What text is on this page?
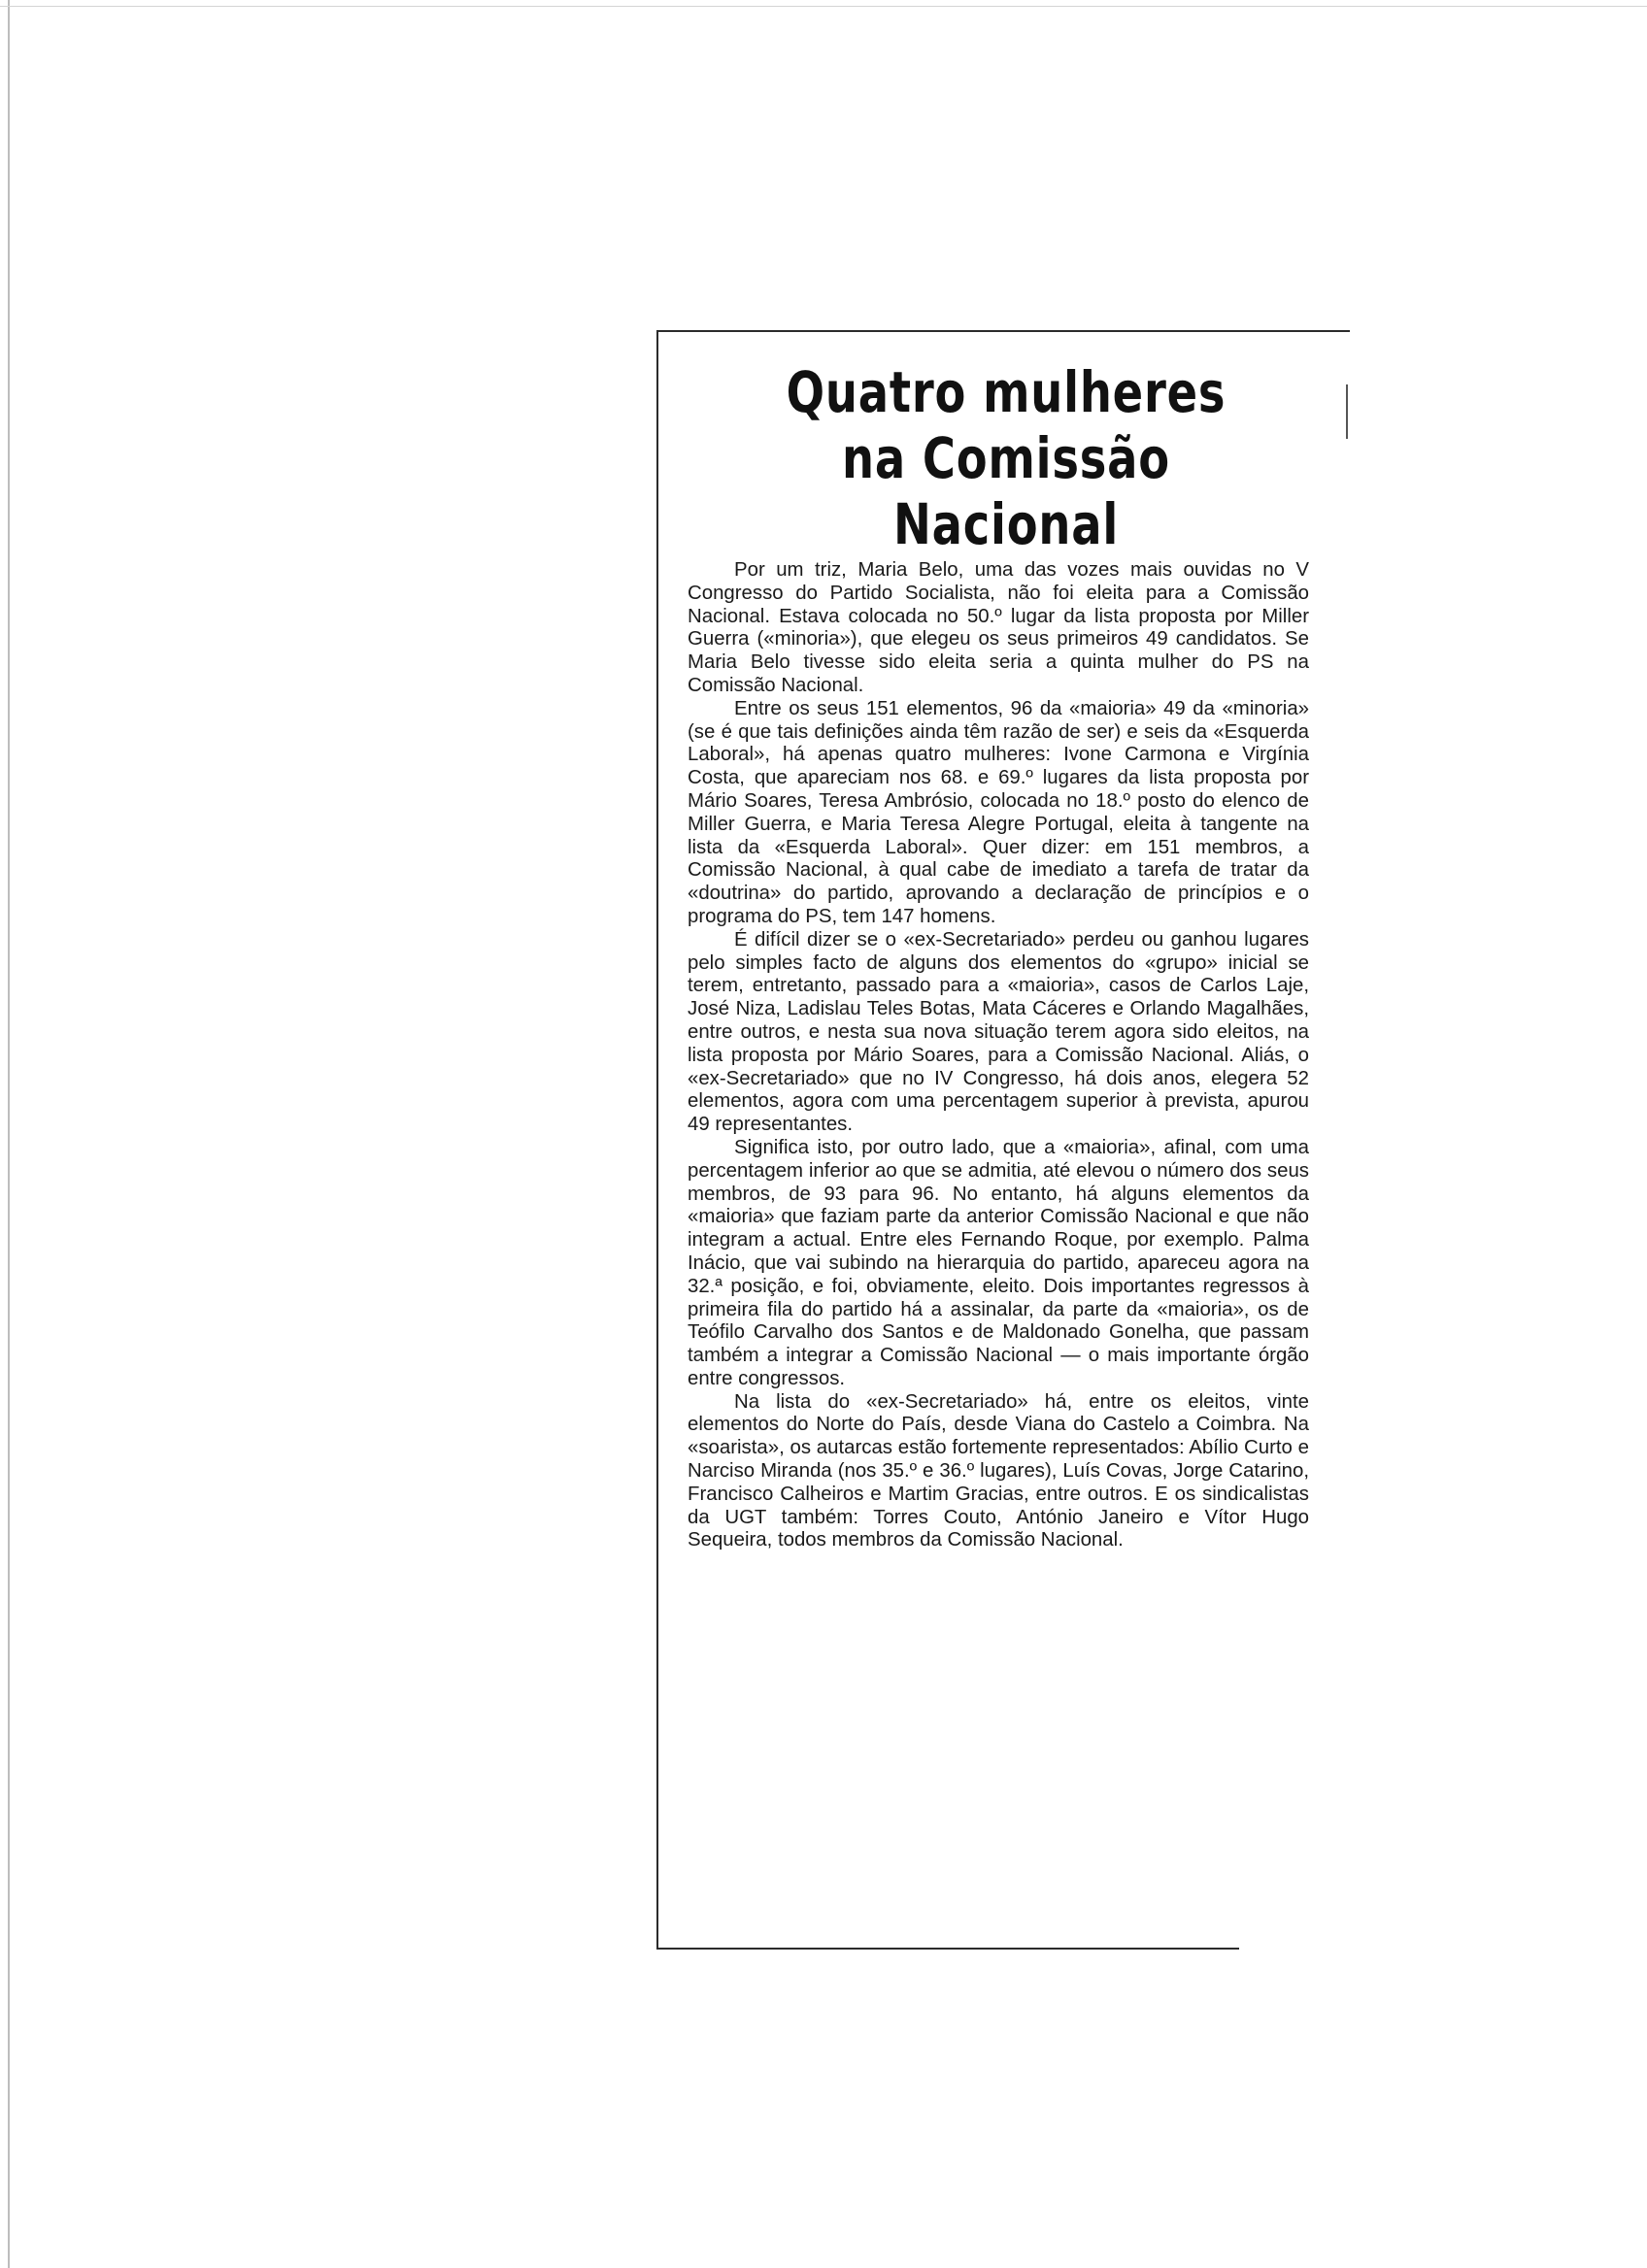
Quatro mulheres
na Comissão Nacional

Por um triz, Maria Belo, uma das vozes mais ouvidas no V Congresso do Partido Socialista, não foi eleita para a Comissão Nacional. Estava colocada no 50.º lugar da lista proposta por Miller Guerra («minoria»), que elegeu os seus primeiros 49 candidatos. Se Maria Belo tivesse sido eleita seria a quinta mulher do PS na Comissão Nacional.

Entre os seus 151 elementos, 96 da «maioria» 49 da «minoria» (se é que tais definições ainda têm razão de ser) e seis da «Esquerda Laboral», há apenas quatro mulheres: Ivone Carmona e Virgínia Costa, que apareciam nos 68. e 69.º lugares da lista proposta por Mário Soares, Teresa Ambrósio, colocada no 18.º posto do elenco de Miller Guerra, e Maria Teresa Alegre Portugal, eleita à tangente na lista da «Esquerda Laboral». Quer dizer: em 151 membros, a Comissão Nacional, à qual cabe de imediato a tarefa de tratar da «doutrina» do partido, aprovando a declaração de princípios e o programa do PS, tem 147 homens.

É difícil dizer se o «ex-Secretariado» perdeu ou ganhou lugares pelo simples facto de alguns dos elementos do «grupo» inicial se terem, entretanto, passado para a «maioria», casos de Carlos Laje, José Niza, Ladislau Teles Botas, Mata Cáceres e Orlando Magalhães, entre outros, e nesta sua nova situação terem agora sido eleitos, na lista proposta por Mário Soares, para a Comissão Nacional. Aliás, o «ex-Secretariado» que no IV Congresso, há dois anos, elegera 52 elementos, agora com uma percentagem superior à prevista, apurou 49 representantes.

Significa isto, por outro lado, que a «maioria», afinal, com uma percentagem inferior ao que se admitia, até elevou o número dos seus membros, de 93 para 96. No entanto, há alguns elementos da «maioria» que faziam parte da anterior Comissão Nacional e que não integram a actual. Entre eles Fernando Roque, por exemplo. Palma Inácio, que vai subindo na hierarquia do partido, apareceu agora na 32.ª posição, e foi, obviamente, eleito. Dois importantes regressos à primeira fila do partido há a assinalar, da parte da «maioria», os de Teófilo Carvalho dos Santos e de Maldonado Gonelha, que passam também a integrar a Comissão Nacional — o mais importante órgão entre congressos.

Na lista do «ex-Secretariado» há, entre os eleitos, vinte elementos do Norte do País, desde Viana do Castelo a Coimbra. Na «soarista», os autarcas estão fortemente representados: Abílio Curto e Narciso Miranda (nos 35.º e 36.º lugares), Luís Covas, Jorge Catarino, Francisco Calheiros e Martim Gracias, entre outros. E os sindicalistas da UGT também: Torres Couto, António Janeiro e Vítor Hugo Sequeira, todos membros da Comissão Nacional.
